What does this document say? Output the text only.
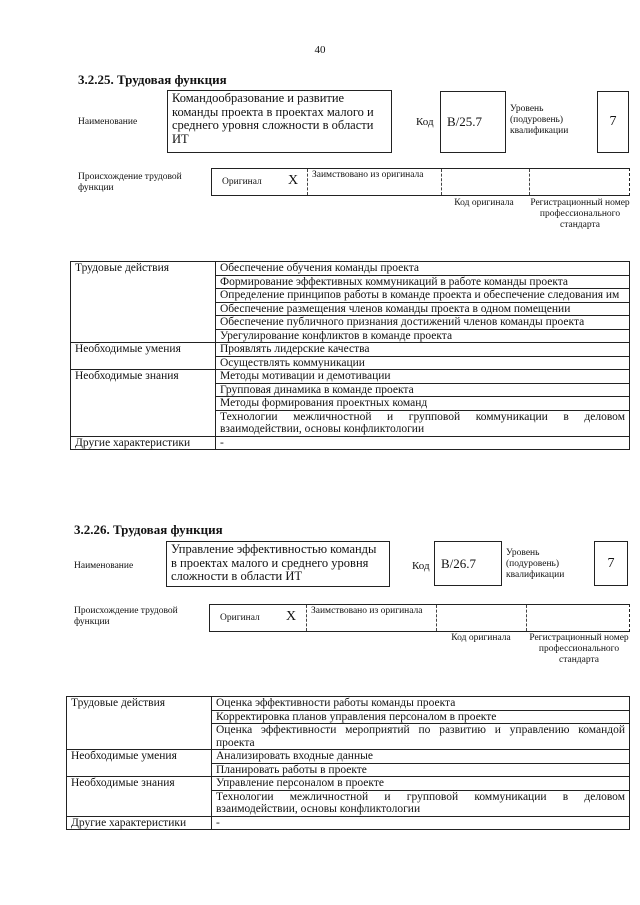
40
3.2.25. Трудовая функция
Наименование
Командообразование и развитие команды проекта в проектах малого и среднего уровня сложности в области ИТ
Код	B/25.7
Уровень (подуровень) квалификации
7
Происхождение трудовой функции
Оригинал X	Заимствовано из оригинала
Код оригинала	Регистрационный номер профессионального стандарта
Трудовые действия	Обеспечение обучения команды проекта
	Формирование эффективных коммуникаций в работе команды проекта
	Определение принципов работы в команде проекта и обеспечение следования им
	Обеспечение размещения членов команды проекта в одном помещении
	Обеспечение публичного признания достижений членов команды проекта
	Урегулирование конфликтов в команде проекта
Необходимые умения	Проявлять лидерские качества
	Осуществлять коммуникации
Необходимые знания	Методы мотивации и демотивации
	Групповая динамика в команде проекта
	Методы формирования проектных команд
	Технологии межличностной и групповой коммуникации в деловом взаимодействии, основы конфликтологии
Другие характеристики	-
3.2.26. Трудовая функция
Наименование
Управление эффективностью команды в проектах малого и среднего уровня сложности в области ИТ
Код B/26.7
Уровень (подуровень) квалификации
7
Происхождение трудовой функции	Оригинал X	Заимствовано из оригинала
Код оригинала	Регистрационный номер профессионального стандарта
Трудовые действия	Оценка эффективности работы команды проекта
	Корректировка планов управления персоналом в проекте
	Оценка эффективности мероприятий по развитию и управлению командой проекта
Необходимые умения	Анализировать входные данные
	Планировать работы в проекте
Необходимые знания	Управление персоналом в проекте
	Технологии межличностной и групповой коммуникации в деловом взаимодействии, основы конфликтологии
Другие характеристики	-
